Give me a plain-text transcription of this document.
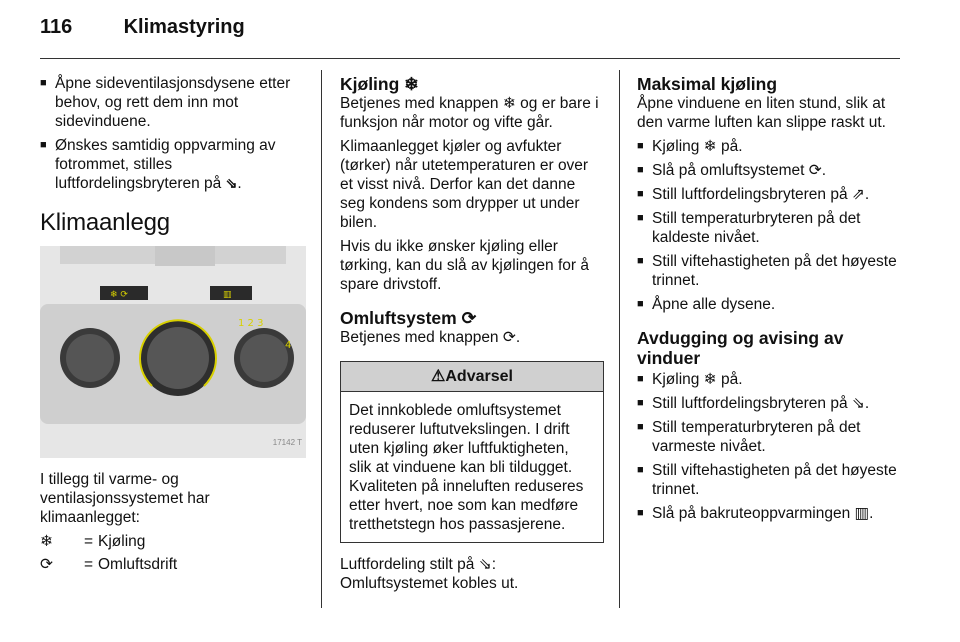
116	Klimastyring
■ Åpne sideventilasjonsdysene etter behov, og rett dem inn mot sidevinduene.
■ Ønskes samtidig oppvarming av fotrommet, stilles luftfordelingsbryteren på ⇘.
Klimaanlegg
❄ ⟳	▥
1 2 3
4
17142 T

I tillegg til varme- og ventilasjonssystemet har klimaanlegget:

❄	= Kjøling
⟳	= Omluftsdrift
Kjøling ❄

Betjenes med knappen ❄ og er bare i funksjon når motor og vifte går.

Klimaanlegget kjøler og avfukter (tørker) når utetemperaturen er over et visst nivå. Derfor kan det danne seg kondens som drypper ut under bilen.

Hvis du ikke ønsker kjøling eller tørking, kan du slå av kjølingen for å spare drivstoff.

Omluftsystem ⟳

Betjenes med knappen ⟳.

⚠Advarsel
Det innkoblede omluftsystemet reduserer luftutvekslingen. I drift uten kjøling øker luftfuktigheten, slik at vinduene kan bli tildugget. Kvaliteten på inneluften reduseres etter hvert, noe som kan medføre tretthetstegn hos passasjerene.

Luftfordeling stilt på ⇘: Omluftsystemet kobles ut.

Maksimal kjøling

Åpne vinduene en liten stund, slik at den varme luften kan slippe raskt ut.

■ Kjøling ❄ på.
■ Slå på omluftsystemet ⟳.
■ Still luftfordelingsbryteren på ⇗.
■ Still temperaturbryteren på det kaldeste nivået.
■ Still viftehastigheten på det høyeste trinnet.
■ Åpne alle dysene.
Avdugging og avising av vinduer
■ Kjøling ❄ på.
■ Still luftfordelingsbryteren på ⇘.
■ Still temperaturbryteren på det varmeste nivået.
■ Still viftehastigheten på det høyeste trinnet.
■ Slå på bakruteoppvarmingen ▥.
